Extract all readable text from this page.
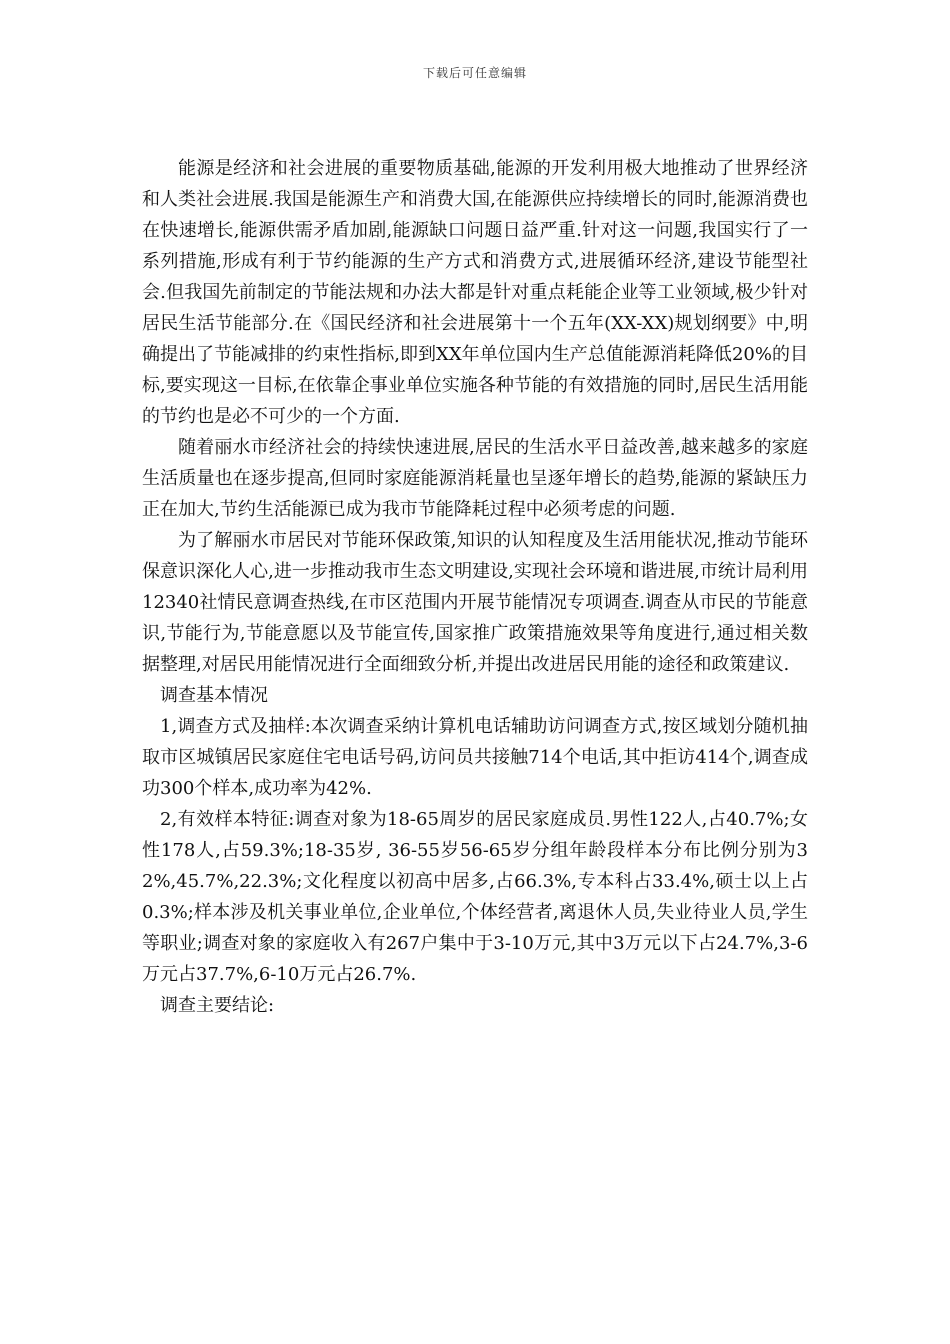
下载后可任意编辑

能源是经济和社会进展的重要物质基础,能源的开发利用极大地推动了世界经济和人类社会进展.我国是能源生产和消费大国,在能源供应持续增长的同时,能源消费也在快速增长,能源供需矛盾加剧,能源缺口问题日益严重.针对这一问题,我国实行了一系列措施,形成有利于节约能源的生产方式和消费方式,进展循环经济,建设节能型社会.但我国先前制定的节能法规和办法大都是针对重点耗能企业等工业领域,极少针对居民生活节能部分.在《国民经济和社会进展第十一个五年(XX-XX)规划纲要》中,明确提出了节能减排的约束性指标,即到XX年单位国内生产总值能源消耗降低20%的目标,要实现这一目标,在依靠企事业单位实施各种节能的有效措施的同时,居民生活用能的节约也是必不可少的一个方面.

随着丽水市经济社会的持续快速进展,居民的生活水平日益改善,越来越多的家庭生活质量也在逐步提高,但同时家庭能源消耗量也呈逐年增长的趋势,能源的紧缺压力正在加大,节约生活能源已成为我市节能降耗过程中必须考虑的问题.

为了解丽水市居民对节能环保政策,知识的认知程度及生活用能状况,推动节能环保意识深化人心,进一步推动我市生态文明建设,实现社会环境和谐进展,市统计局利用12340社情民意调查热线,在市区范围内开展节能情况专项调查.调查从市民的节能意识,节能行为,节能意愿以及节能宣传,国家推广政策措施效果等角度进行,通过相关数据整理,对居民用能情况进行全面细致分析,并提出改进居民用能的途径和政策建议.

调查基本情况

1,调查方式及抽样:本次调查采纳计算机电话辅助访问调查方式,按区域划分随机抽取市区城镇居民家庭住宅电话号码,访问员共接触714个电话,其中拒访414个,调查成功300个样本,成功率为42%.

2,有效样本特征:调查对象为18-65周岁的居民家庭成员.男性122人,占40.7%;女性178人,占59.3%;18-35岁, 36-55岁56-65岁分组年龄段样本分布比例分别为32%,45.7%,22.3%;文化程度以初高中居多,占66.3%,专本科占33.4%,硕士以上占0.3%;样本涉及机关事业单位,企业单位,个体经营者,离退休人员,失业待业人员,学生等职业;调查对象的家庭收入有267户集中于3-10万元,其中3万元以下占24.7%,3-6万元占37.7%,6-10万元占26.7%.

调查主要结论:
